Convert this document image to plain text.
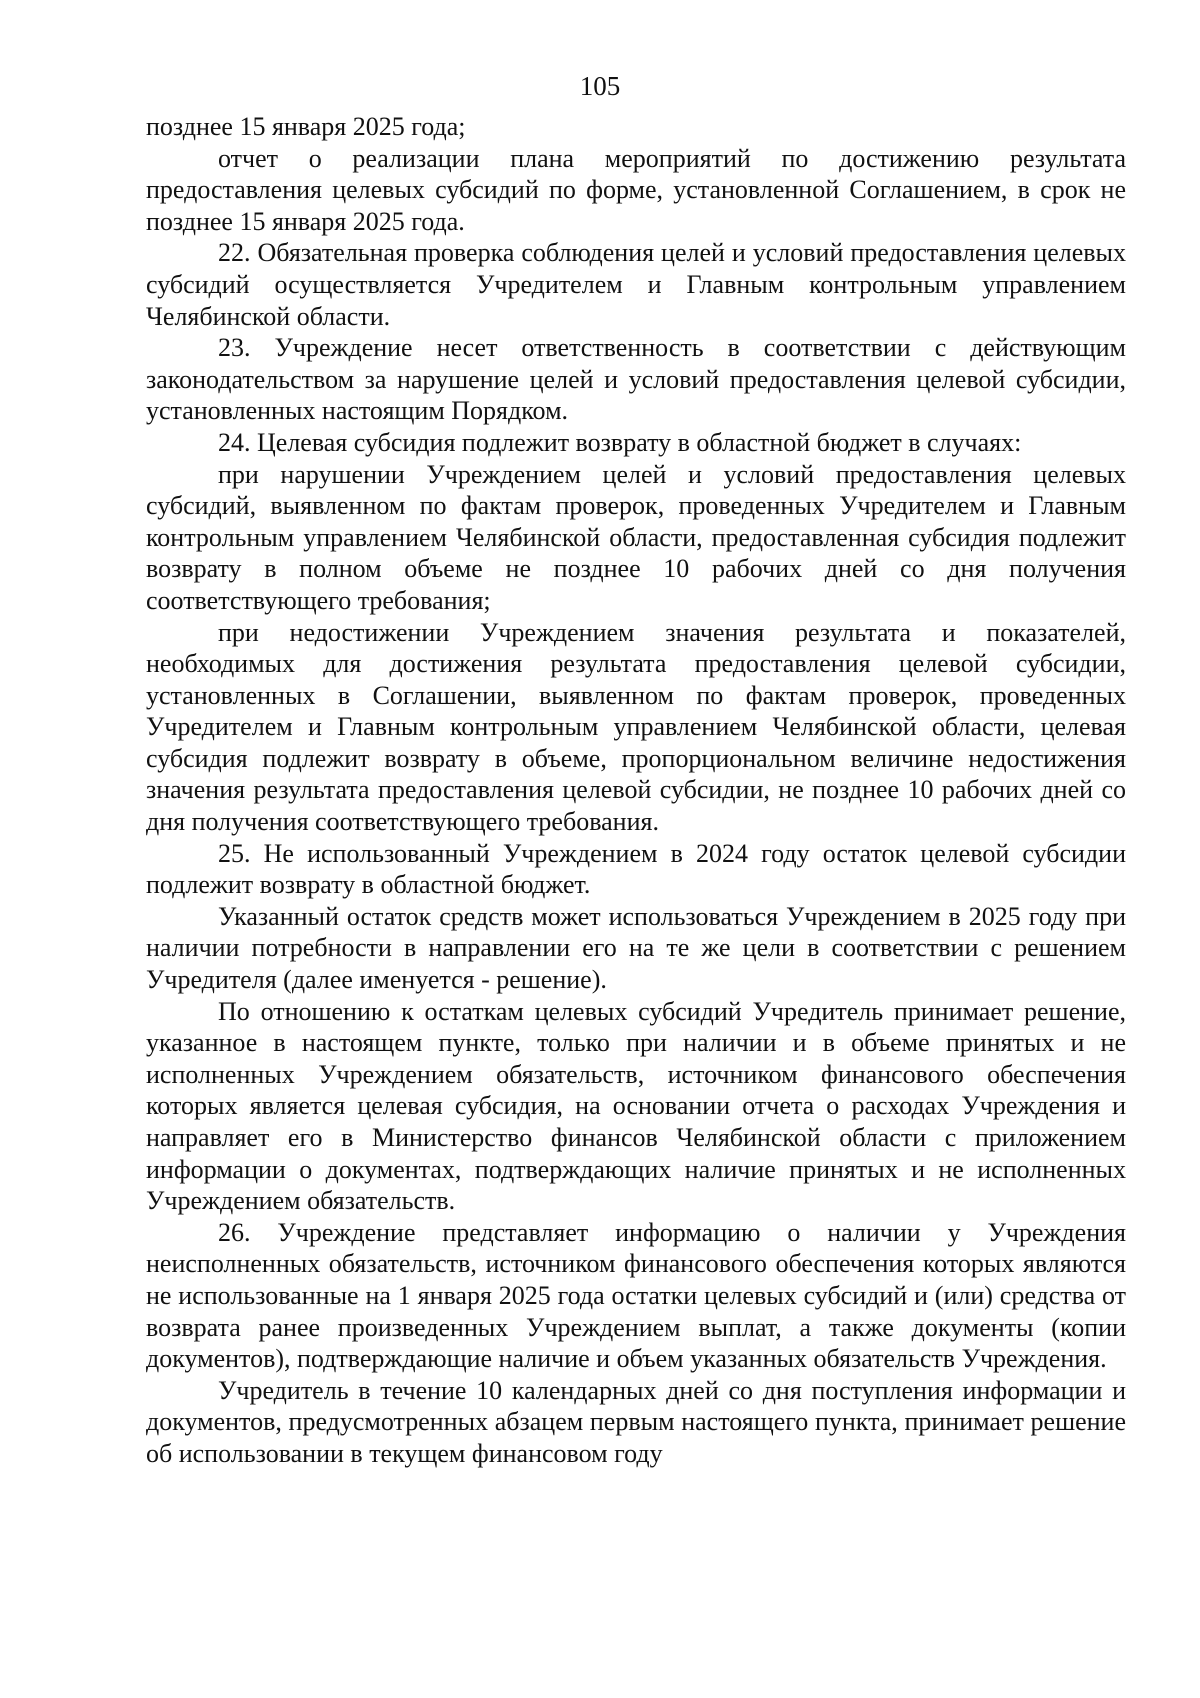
105

позднее 15 января 2025 года;

отчет о реализации плана мероприятий по достижению результата предоставления целевых субсидий по форме, установленной Соглашением, в срок не позднее 15 января 2025 года.

22. Обязательная проверка соблюдения целей и условий предоставления целевых субсидий осуществляется Учредителем и Главным контрольным управлением Челябинской области.

23. Учреждение несет ответственность в соответствии с действующим законодательством за нарушение целей и условий предоставления целевой субсидии, установленных настоящим Порядком.

24. Целевая субсидия подлежит возврату в областной бюджет в случаях:

при нарушении Учреждением целей и условий предоставления целевых субсидий, выявленном по фактам проверок, проведенных Учредителем и Главным контрольным управлением Челябинской области, предоставленная субсидия подлежит возврату в полном объеме не позднее 10 рабочих дней со дня получения соответствующего требования;

при недостижении Учреждением значения результата и показателей, необходимых для достижения результата предоставления целевой субсидии, установленных в Соглашении, выявленном по фактам проверок, проведенных Учредителем и Главным контрольным управлением Челябинской области, целевая субсидия подлежит возврату в объеме, пропорциональном величине недостижения значения результата предоставления целевой субсидии, не позднее 10 рабочих дней со дня получения соответствующего требования.

25. Не использованный Учреждением в 2024 году остаток целевой субсидии подлежит возврату в областной бюджет.

Указанный остаток средств может использоваться Учреждением в 2025 году при наличии потребности в направлении его на те же цели в соответствии с решением Учредителя (далее именуется - решение).

По отношению к остаткам целевых субсидий Учредитель принимает решение, указанное в настоящем пункте, только при наличии и в объеме принятых и не исполненных Учреждением обязательств, источником финансового обеспечения которых является целевая субсидия, на основании отчета о расходах Учреждения и направляет его в Министерство финансов Челябинской области с приложением информации о документах, подтверждающих наличие принятых и не исполненных Учреждением обязательств.

26. Учреждение представляет информацию о наличии у Учреждения неисполненных обязательств, источником финансового обеспечения которых являются не использованные на 1 января 2025 года остатки целевых субсидий и (или) средства от возврата ранее произведенных Учреждением выплат, а также документы (копии документов), подтверждающие наличие и объем указанных обязательств Учреждения.

Учредитель в течение 10 календарных дней со дня поступления информации и документов, предусмотренных абзацем первым настоящего пункта, принимает решение об использовании в текущем финансовом году
